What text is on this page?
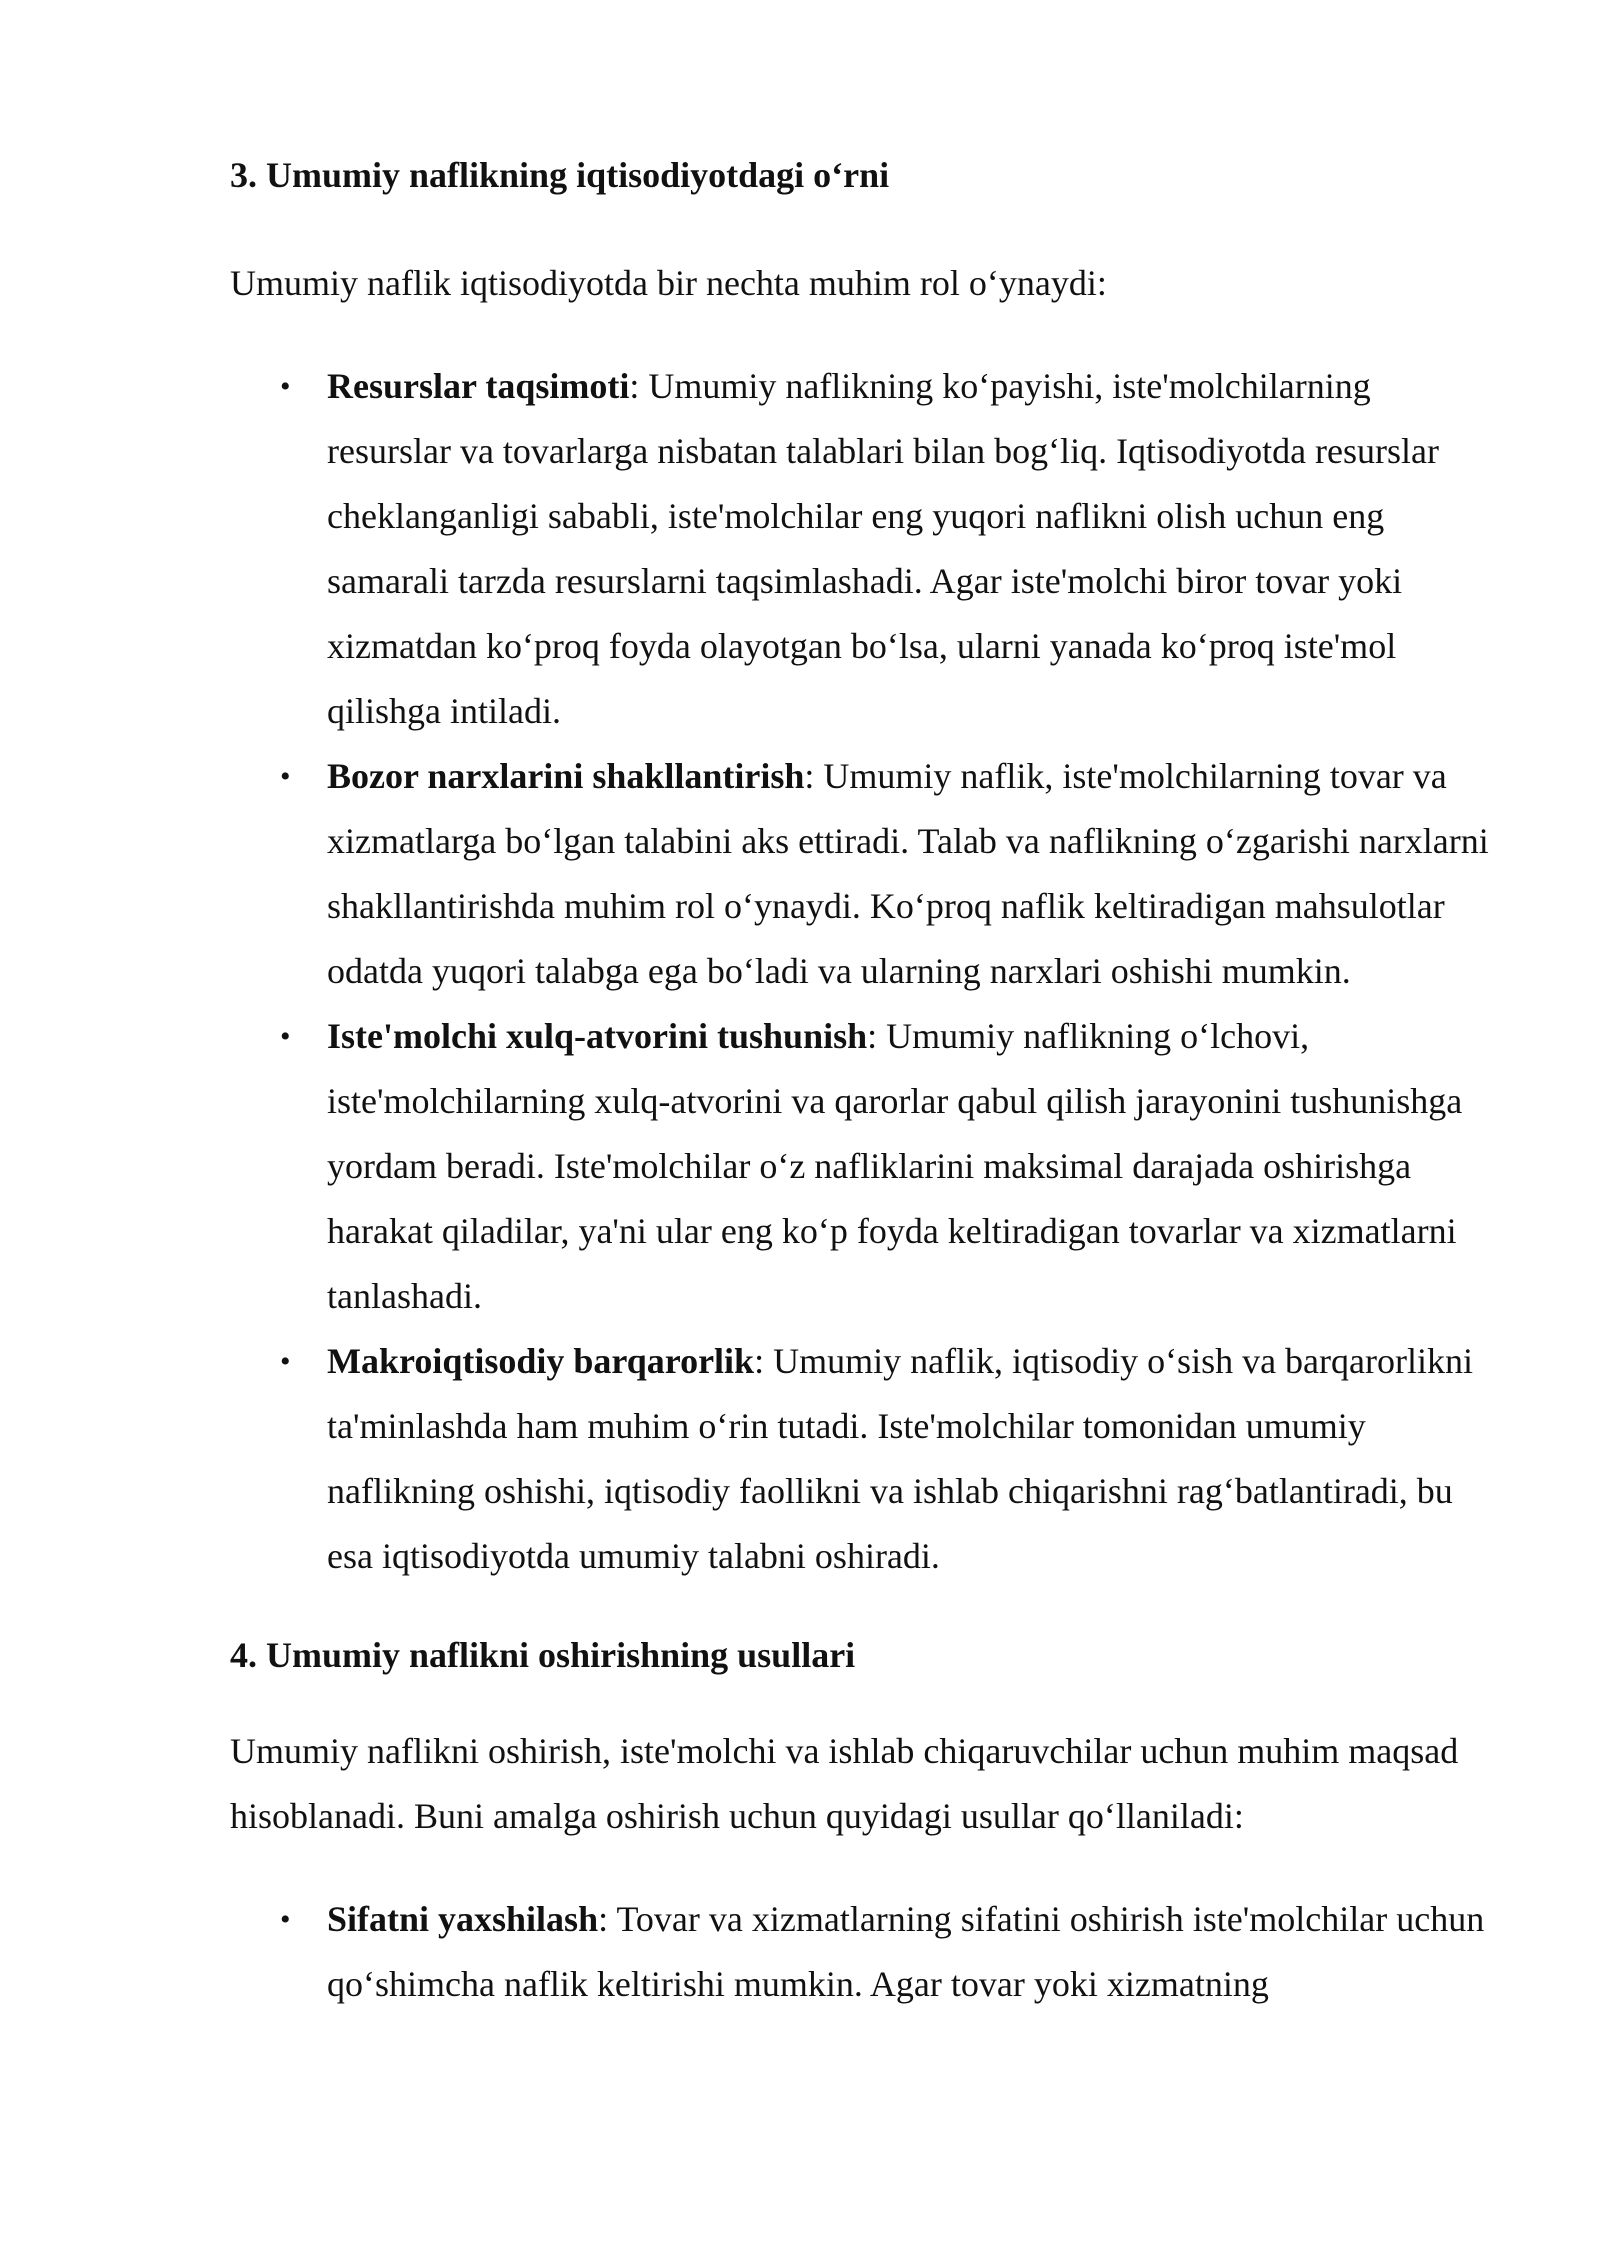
3. Umumiy naflikning iqtisodiyotdagi o‘rni

Umumiy naflik iqtisodiyotda bir nechta muhim rol o‘ynaydi:

• Resurslar taqsimoti: Umumiy naflikning ko‘payishi, iste'molchilarning resurslar va tovarlarga nisbatan talablari bilan bog‘liq. Iqtisodiyotda resurslar cheklanganligi sababli, iste'molchilar eng yuqori naflikni olish uchun eng samarali tarzda resurslarni taqsimlashadi. Agar iste'molchi biror tovar yoki xizmatdan ko‘proq foyda olayotgan bo‘lsa, ularni yanada ko‘proq iste'mol qilishga intiladi.
• Bozor narxlarini shakllantirish: Umumiy naflik, iste'molchilarning tovar va xizmatlarga bo‘lgan talabini aks ettiradi. Talab va naflikning o‘zgarishi narxlarni shakllantirishda muhim rol o‘ynaydi. Ko‘proq naflik keltiradigan mahsulotlar odatda yuqori talabga ega bo‘ladi va ularning narxlari oshishi mumkin.
• Iste'molchi xulq-atvorini tushunish: Umumiy naflikning o‘lchovi, iste'molchilarning xulq-atvorini va qarorlar qabul qilish jarayonini tushunishga yordam beradi. Iste'molchilar o‘z nafliklarini maksimal darajada oshirishga harakat qiladilar, ya'ni ular eng ko‘p foyda keltiradigan tovarlar va xizmatlarni tanlashadi.
• Makroiqtisodiy barqarorlik: Umumiy naflik, iqtisodiy o‘sish va barqarorlikni ta'minlashda ham muhim o‘rin tutadi. Iste'molchilar tomonidan umumiy naflikning oshishi, iqtisodiy faollikni va ishlab chiqarishni rag‘batlantiradi, bu esa iqtisodiyotda umumiy talabni oshiradi.
4. Umumiy naflikni oshirishning usullari

Umumiy naflikni oshirish, iste'molchi va ishlab chiqaruvchilar uchun muhim maqsad hisoblanadi. Buni amalga oshirish uchun quyidagi usullar qo‘llaniladi:

• Sifatni yaxshilash: Tovar va xizmatlarning sifatini oshirish iste'molchilar uchun qo‘shimcha naflik keltirishi mumkin. Agar tovar yoki xizmatning
